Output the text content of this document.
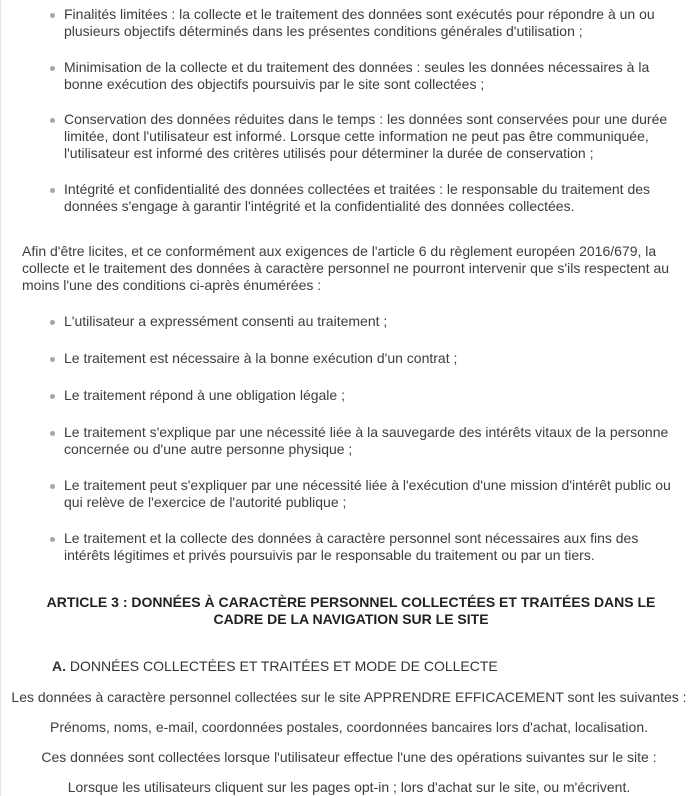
Finalités limitées : la collecte et le traitement des données sont exécutés pour répondre à un ou plusieurs objectifs déterminés dans les présentes conditions générales d'utilisation ;
Minimisation de la collecte et du traitement des données : seules les données nécessaires à la bonne exécution des objectifs poursuivis par le site sont collectées ;
Conservation des données réduites dans le temps : les données sont conservées pour une durée limitée, dont l'utilisateur est informé. Lorsque cette information ne peut pas être communiquée, l'utilisateur est informé des critères utilisés pour déterminer la durée de conservation ;
Intégrité et confidentialité des données collectées et traitées : le responsable du traitement des données s'engage à garantir l'intégrité et la confidentialité des données collectées.

Afin d'être licites, et ce conformément aux exigences de l'article 6 du règlement européen 2016/679, la collecte et le traitement des données à caractère personnel ne pourront intervenir que s'ils respectent au moins l'une des conditions ci-après énumérées :

L'utilisateur a expressément consenti au traitement ;
Le traitement est nécessaire à la bonne exécution d'un contrat ;
Le traitement répond à une obligation légale ;
Le traitement s'explique par une nécessité liée à la sauvegarde des intérêts vitaux de la personne concernée ou d'une autre personne physique ;
Le traitement peut s'expliquer par une nécessité liée à l'exécution d'une mission d'intérêt public ou qui relève de l'exercice de l'autorité publique ;
Le traitement et la collecte des données à caractère personnel sont nécessaires aux fins des intérêts légitimes et privés poursuivis par le responsable du traitement ou par un tiers.
ARTICLE 3 : DONNÉES À CARACTÈRE PERSONNEL COLLECTÉES ET TRAITÉES DANS LE CADRE DE LA NAVIGATION SUR LE SITE
A. DONNÉES COLLECTÉES ET TRAITÉES ET MODE DE COLLECTE

Les données à caractère personnel collectées sur le site APPRENDRE EFFICACEMENT sont les suivantes :

Prénoms, noms, e-mail, coordonnées postales, coordonnées bancaires lors d'achat, localisation.

Ces données sont collectées lorsque l'utilisateur effectue l'une des opérations suivantes sur le site :

Lorsque les utilisateurs cliquent sur les pages opt-in ; lors d'achat sur le site, ou m'écrivent.
